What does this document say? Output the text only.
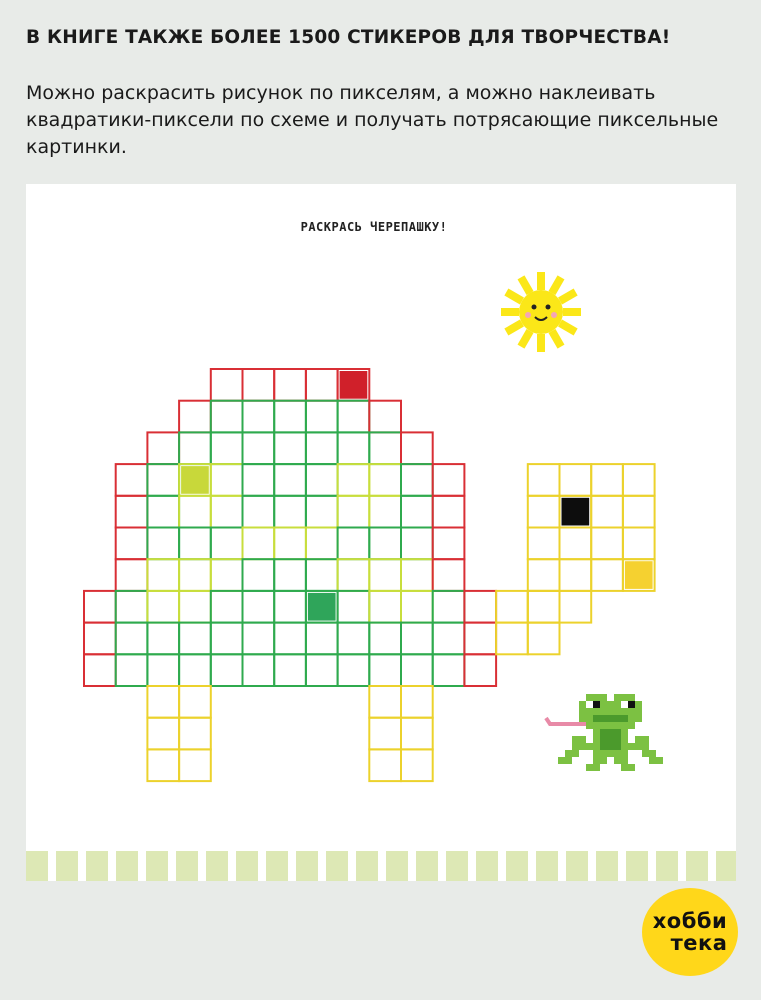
В КНИГЕ ТАКЖЕ БОЛЕЕ 1500 СТИКЕРОВ ДЛЯ ТВОРЧЕСТВА!

Можно раскрасить рисунок по пикселям, а можно наклеивать квадратики-пиксели по схеме и получать потрясающие пиксельные картинки.

РАСКРАСЬ ЧЕРЕПАШКУ!
хобби
тека
